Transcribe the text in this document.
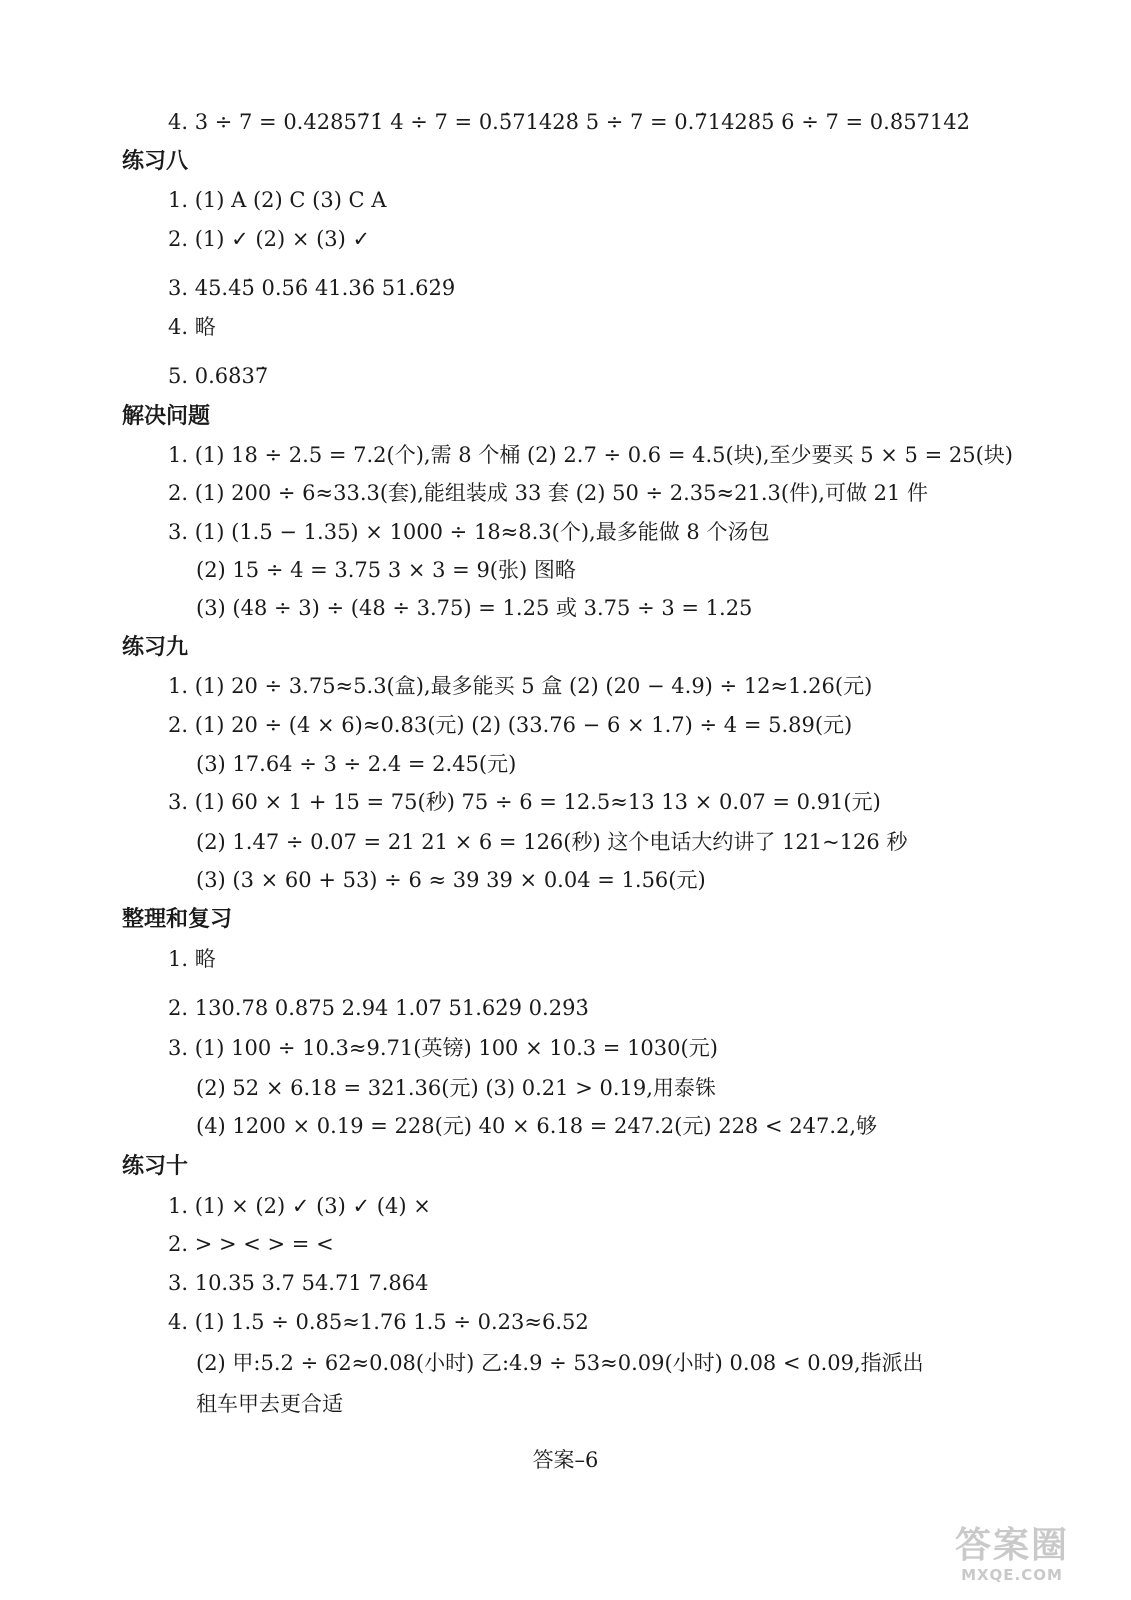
4. 3 ÷ 7 = 0.42857̇1̇ 4 ÷ 7 = 0.5̇71428̇ 5 ÷ 7 = 0.7̇14285̇ 6 ÷ 7 = 0.8̇57142̇
练习八
1. (1) A (2) C (3) C A
2. (1) ✓ (2) × (3) ✓
3. 45.4̇5̇ 0.56̇ 41.36̇ 51.62̇9̇
4. 略
5. 0.68̇37̇
解决问题
1. (1) 18 ÷ 2.5 = 7.2(个),需 8 个桶 (2) 2.7 ÷ 0.6 = 4.5(块),至少要买 5 × 5 = 25(块)
2. (1) 200 ÷ 6≈33.3(套),能组装成 33 套 (2) 50 ÷ 2.35≈21.3(件),可做 21 件
3. (1) (1.5 − 1.35) × 1000 ÷ 18≈8.3(个),最多能做 8 个汤包
(2) 15 ÷ 4 = 3.75 3 × 3 = 9(张) 图略
(3) (48 ÷ 3) ÷ (48 ÷ 3.75) = 1.25 或 3.75 ÷ 3 = 1.25
练习九
1. (1) 20 ÷ 3.75≈5.3(盒),最多能买 5 盒 (2) (20 − 4.9) ÷ 12≈1.26(元)
2. (1) 20 ÷ (4 × 6)≈0.83(元) (2) (33.76 − 6 × 1.7) ÷ 4 = 5.89(元)
(3) 17.64 ÷ 3 ÷ 2.4 = 2.45(元)
3. (1) 60 × 1 + 15 = 75(秒) 75 ÷ 6 = 12.5≈13 13 × 0.07 = 0.91(元)
(2) 1.47 ÷ 0.07 = 21 21 × 6 = 126(秒) 这个电话大约讲了 121~126 秒
(3) (3 × 60 + 53) ÷ 6 ≈ 39 39 × 0.04 = 1.56(元)
整理和复习
1. 略
2. 130.78 0.875 2.94 1.07 51.62̇9̇ 0.29̇3̇
3. (1) 100 ÷ 10.3≈9.71(英镑) 100 × 10.3 = 1030(元)
(2) 52 × 6.18 = 321.36(元) (3) 0.21 > 0.19,用泰铢
(4) 1200 × 0.19 = 228(元) 40 × 6.18 = 247.2(元) 228 < 247.2,够
练习十
1. (1) × (2) ✓ (3) ✓ (4) ×
2. > > < > = <
3. 10.35 3.7 54.71 7.864
4. (1) 1.5 ÷ 0.85≈1.76 1.5 ÷ 0.23≈6.52
(2) 甲:5.2 ÷ 62≈0.08(小时) 乙:4.9 ÷ 53≈0.09(小时) 0.08 < 0.09,指派出
租车甲去更合适
答案–6
答案圈
MXQE.COM
